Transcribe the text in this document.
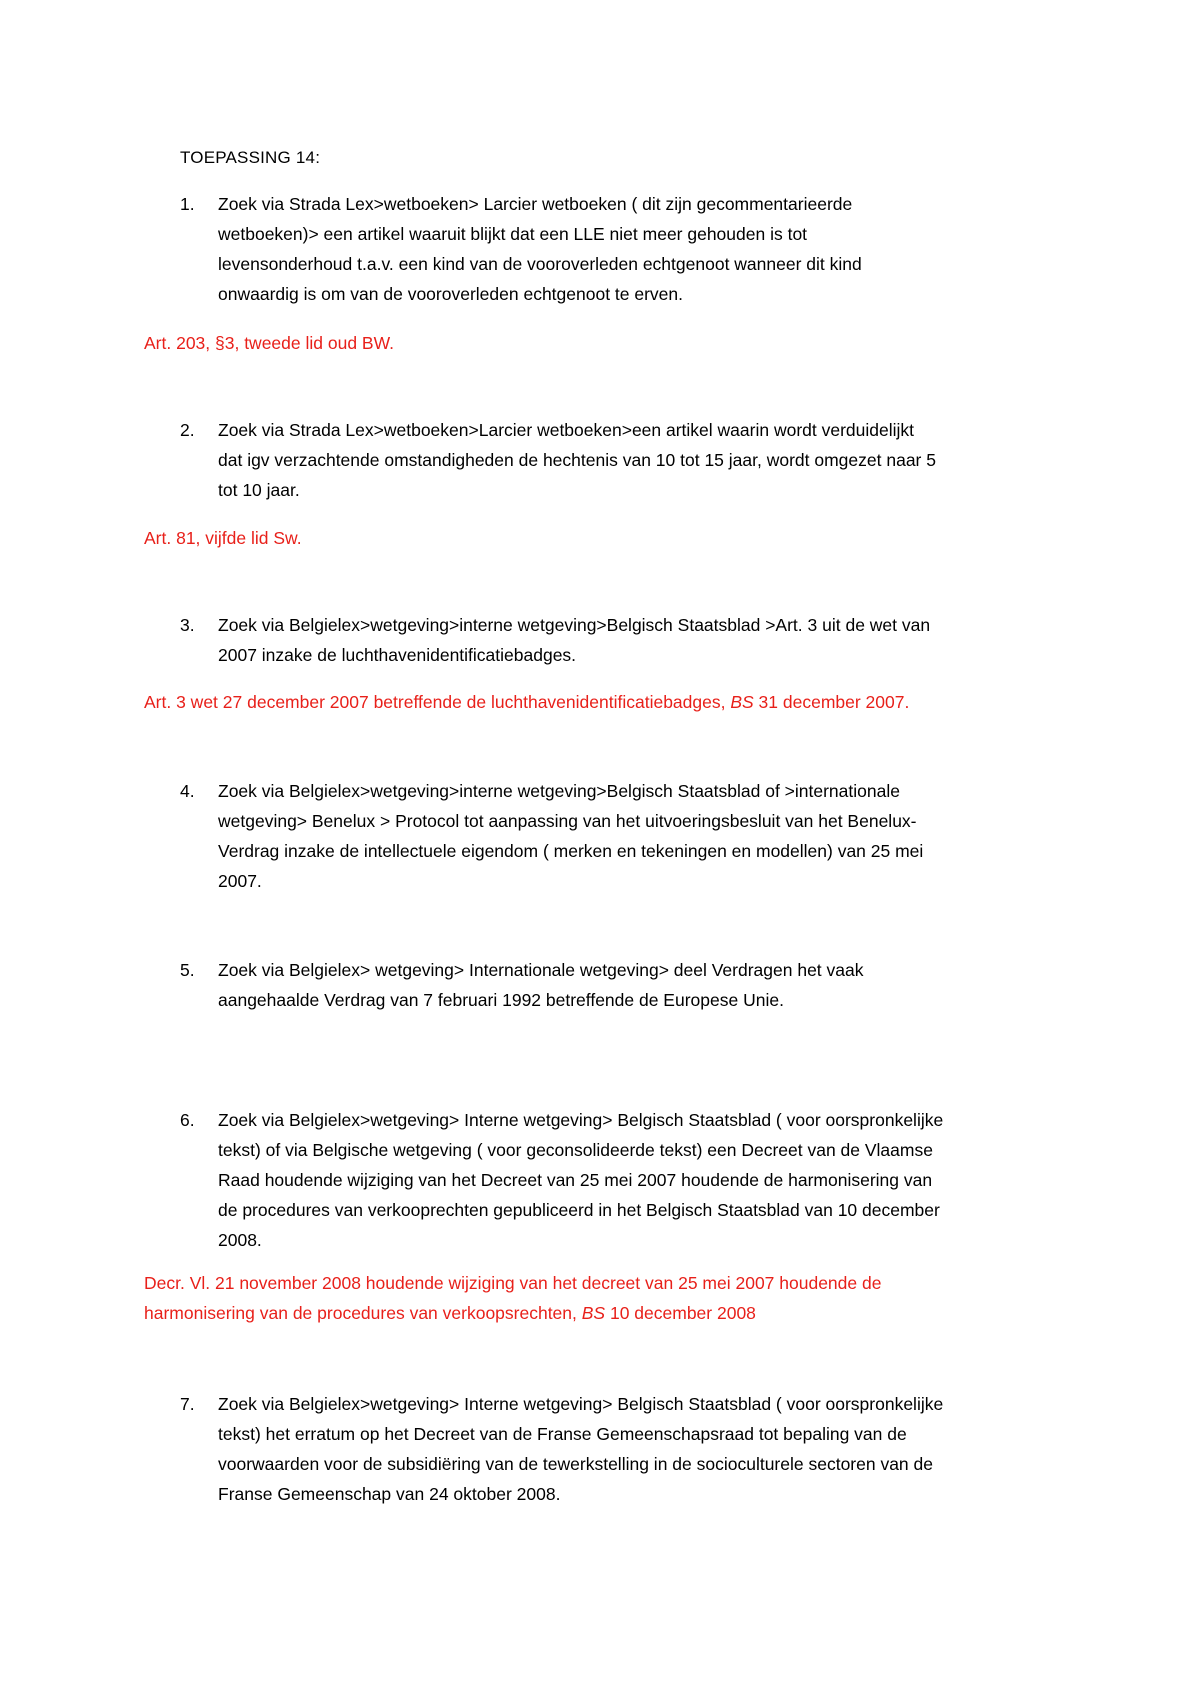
TOEPASSING 14:
1.	Zoek via Strada Lex>wetboeken> Larcier wetboeken ( dit zijn gecommentarieerde
wetboeken)> een artikel waaruit blijkt dat een LLE niet meer gehouden is tot
levensonderhoud t.a.v. een kind van de vooroverleden echtgenoot wanneer dit kind
onwaardig is om van de vooroverleden echtgenoot te erven.
Art. 203, §3, tweede lid oud BW.
2.	Zoek via Strada Lex>wetboeken>Larcier wetboeken>een artikel waarin wordt verduidelijkt
dat igv verzachtende omstandigheden de hechtenis van 10 tot 15 jaar, wordt omgezet naar 5
tot 10 jaar.
Art. 81, vijfde lid Sw.
3.	Zoek via Belgielex>wetgeving>interne wetgeving>Belgisch Staatsblad >Art. 3 uit de wet van
2007 inzake de luchthavenidentificatiebadges.
Art. 3 wet 27 december 2007 betreffende de luchthavenidentificatiebadges, BS 31 december 2007.
4.	Zoek via Belgielex>wetgeving>interne wetgeving>Belgisch Staatsblad of >internationale
wetgeving> Benelux > Protocol tot aanpassing van het uitvoeringsbesluit van het Benelux-
Verdrag inzake de intellectuele eigendom ( merken en tekeningen en modellen) van 25 mei
2007.
5.	Zoek via Belgielex> wetgeving> Internationale wetgeving> deel Verdragen het vaak
aangehaalde Verdrag van 7 februari 1992 betreffende de Europese Unie.
6.	Zoek via Belgielex>wetgeving> Interne wetgeving> Belgisch Staatsblad ( voor oorspronkelijke
tekst) of via Belgische wetgeving ( voor geconsolideerde tekst) een Decreet van de Vlaamse
Raad houdende wijziging van het Decreet van 25 mei 2007 houdende de harmonisering van
de procedures van verkooprechten gepubliceerd in het Belgisch Staatsblad van 10 december
2008.
Decr. Vl. 21 november 2008 houdende wijziging van het decreet van 25 mei 2007 houdende de
harmonisering van de procedures van verkoopsrechten, BS 10 december 2008
7.	Zoek via Belgielex>wetgeving> Interne wetgeving> Belgisch Staatsblad ( voor oorspronkelijke
tekst) het erratum op het Decreet van de Franse Gemeenschapsraad tot bepaling van de
voorwaarden voor de subsidiëring van de tewerkstelling in de socioculturele sectoren van de
Franse Gemeenschap van 24 oktober 2008.
